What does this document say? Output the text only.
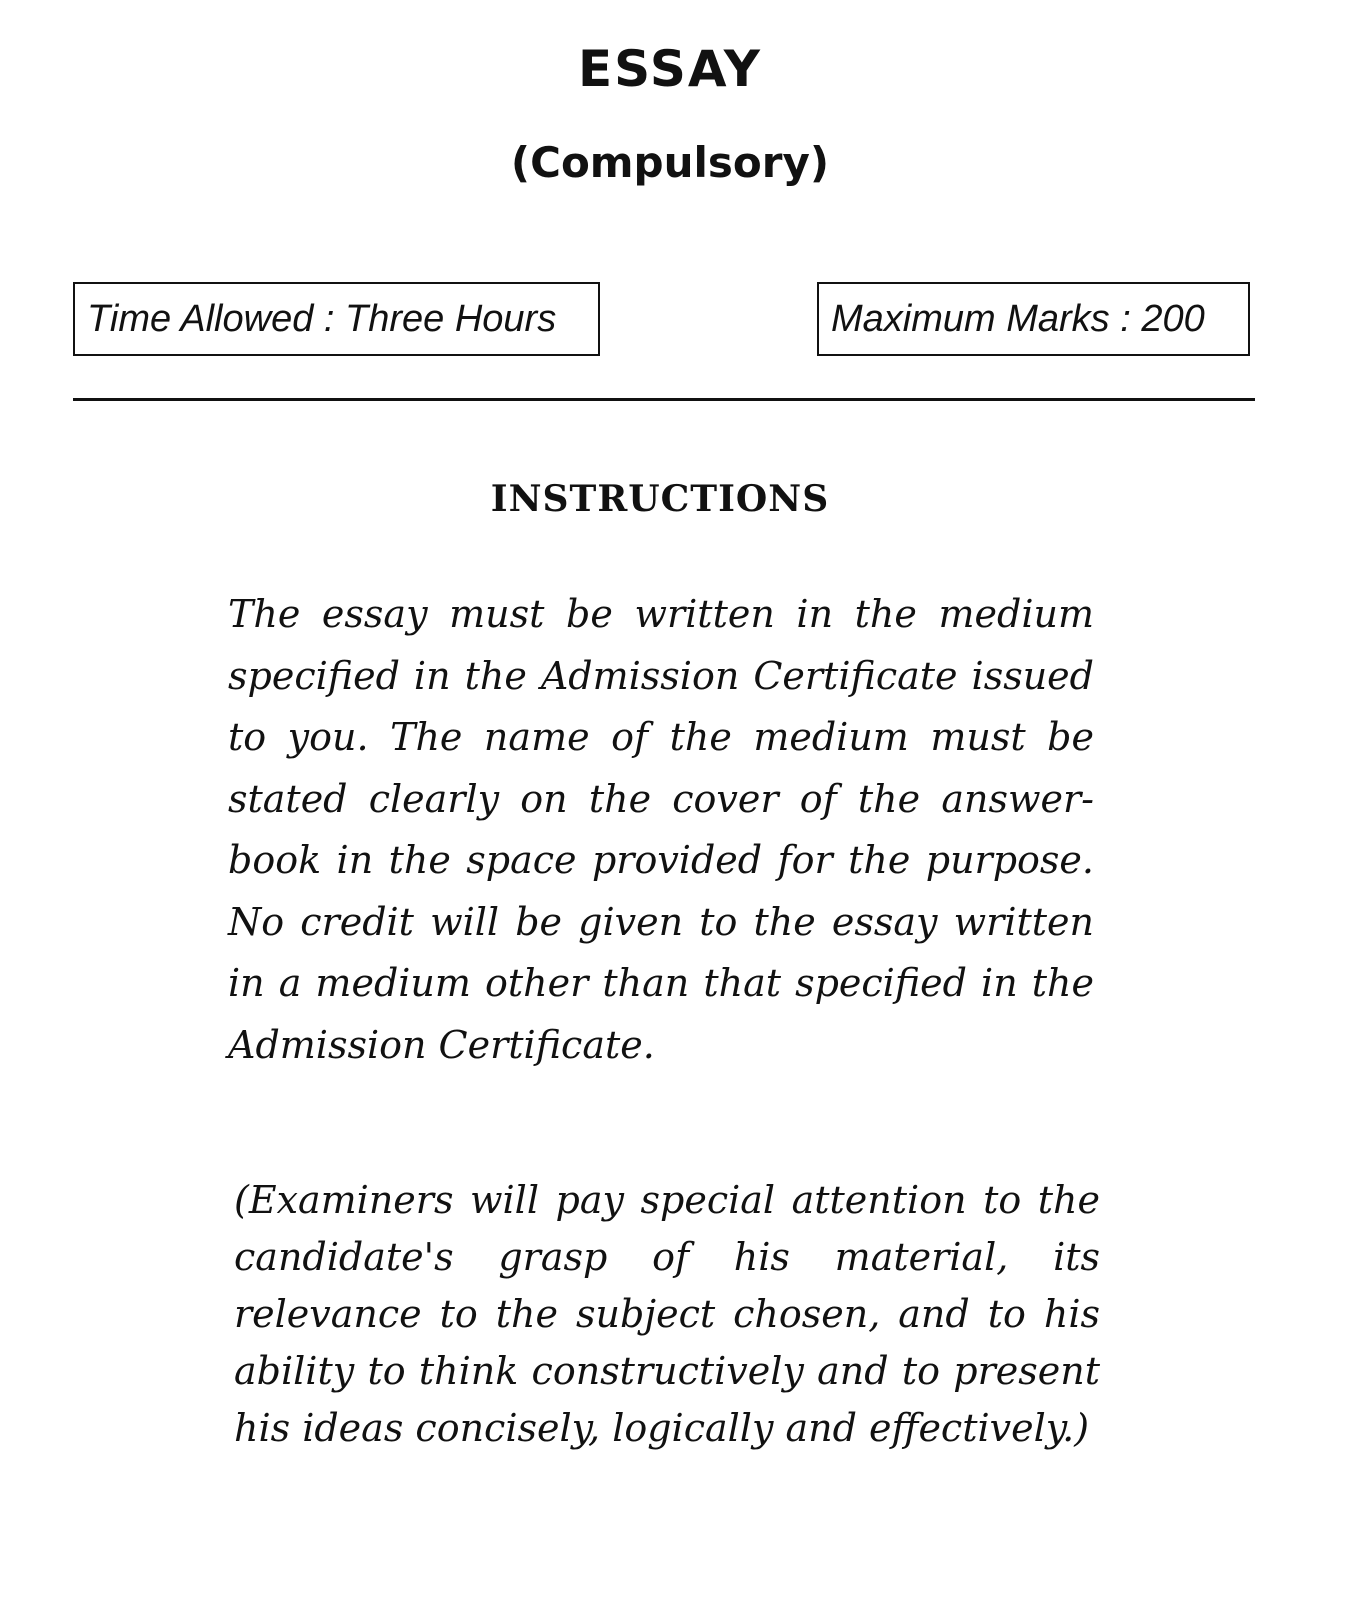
ESSAY
(Compulsory)
Time Allowed : Three Hours	Maximum Marks : 200
INSTRUCTIONS

The essay must be written in the medium specified in the Admission Certificate issued to you. The name of the medium must be stated clearly on the cover of the answer-book in the space provided for the purpose. No credit will be given to the essay written in a medium other than that specified in the Admission Certificate.

(Examiners will pay special attention to the candidate's grasp of his material, its relevance to the subject chosen, and to his ability to think constructively and to present his ideas concisely, logically and effectively.)
